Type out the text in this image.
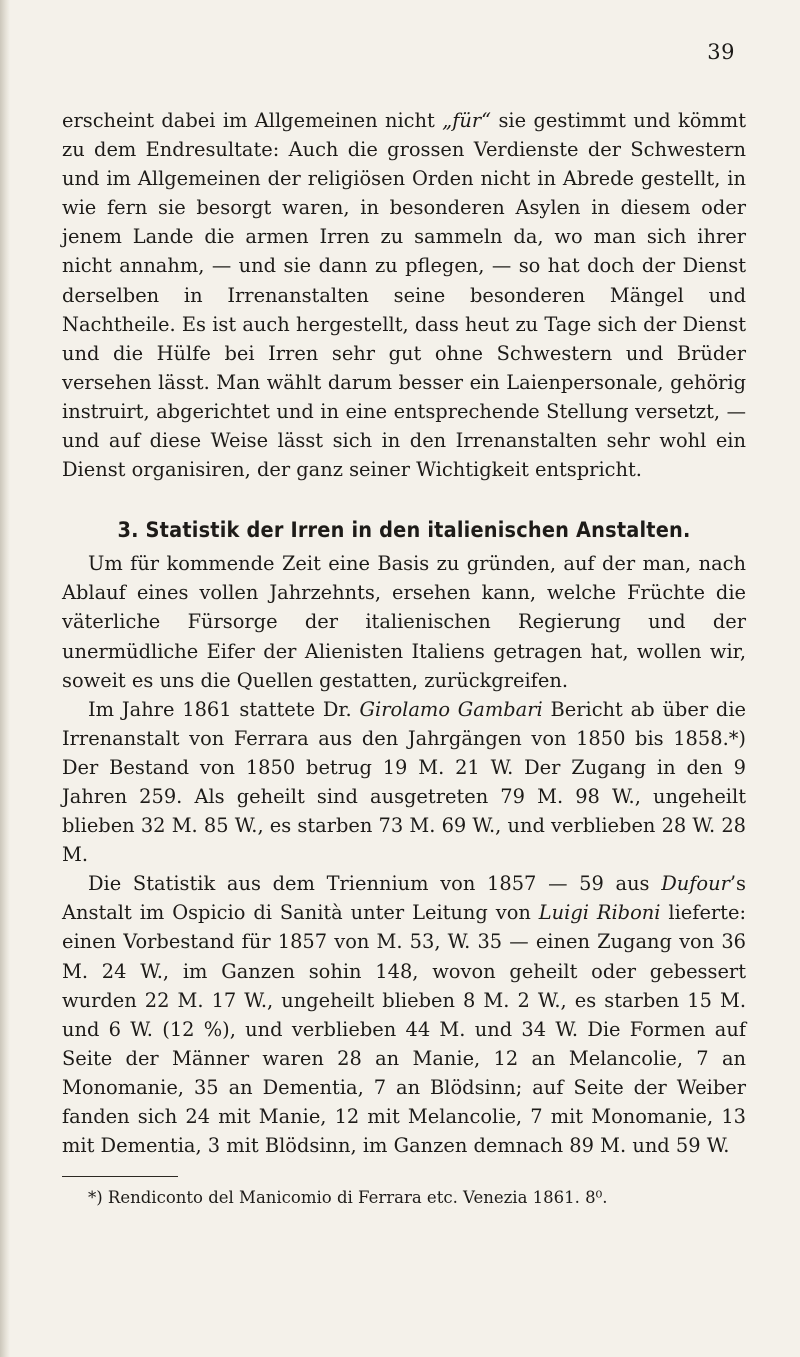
39

erscheint dabei im Allgemeinen nicht „für“ sie gestimmt und kömmt zu dem Endresultate: Auch die grossen Verdienste der Schwestern und im Allgemeinen der religiösen Orden nicht in Abrede gestellt, in wie fern sie besorgt waren, in besonderen Asylen in diesem oder jenem Lande die armen Irren zu sammeln da, wo man sich ihrer nicht annahm, — und sie dann zu pflegen, — so hat doch der Dienst derselben in Irrenanstalten seine besonderen Mängel und Nachtheile. Es ist auch hergestellt, dass heut zu Tage sich der Dienst und die Hülfe bei Irren sehr gut ohne Schwestern und Brüder versehen lässt. Man wählt darum besser ein Laienpersonale, gehörig instruirt, abgerichtet und in eine entsprechende Stellung versetzt, — und auf diese Weise lässt sich in den Irrenanstalten sehr wohl ein Dienst organisiren, der ganz seiner Wichtigkeit entspricht.

3. Statistik der Irren in den italienischen Anstalten.

Um für kommende Zeit eine Basis zu gründen, auf der man, nach Ablauf eines vollen Jahrzehnts, ersehen kann, welche Früchte die väterliche Fürsorge der italienischen Regierung und der unermüdliche Eifer der Alienisten Italiens getragen hat, wollen wir, soweit es uns die Quellen gestatten, zurückgreifen.

Im Jahre 1861 stattete Dr. Girolamo Gambari Bericht ab über die Irrenanstalt von Ferrara aus den Jahrgängen von 1850 bis 1858.*) Der Bestand von 1850 betrug 19 M. 21 W. Der Zugang in den 9 Jahren 259. Als geheilt sind ausgetreten 79 M. 98 W., ungeheilt blieben 32 M. 85 W., es starben 73 M. 69 W., und verblieben 28 W. 28 M.

Die Statistik aus dem Triennium von 1857 — 59 aus Dufour’s Anstalt im Ospicio di Sanità unter Leitung von Luigi Riboni lieferte: einen Vorbestand für 1857 von M. 53, W. 35 — einen Zugang von 36 M. 24 W., im Ganzen sohin 148, wovon geheilt oder gebessert wurden 22 M. 17 W., ungeheilt blieben 8 M. 2 W., es starben 15 M. und 6 W. (12 %), und verblieben 44 M. und 34 W. Die Formen auf Seite der Männer waren 28 an Manie, 12 an Melancolie, 7 an Monomanie, 35 an Dementia, 7 an Blödsinn; auf Seite der Weiber fanden sich 24 mit Manie, 12 mit Melancolie, 7 mit Monomanie, 13 mit Dementia, 3 mit Blödsinn, im Ganzen demnach 89 M. und 59 W.

*) Rendiconto del Manicomio di Ferrara etc. Venezia 1861. 8⁰.
